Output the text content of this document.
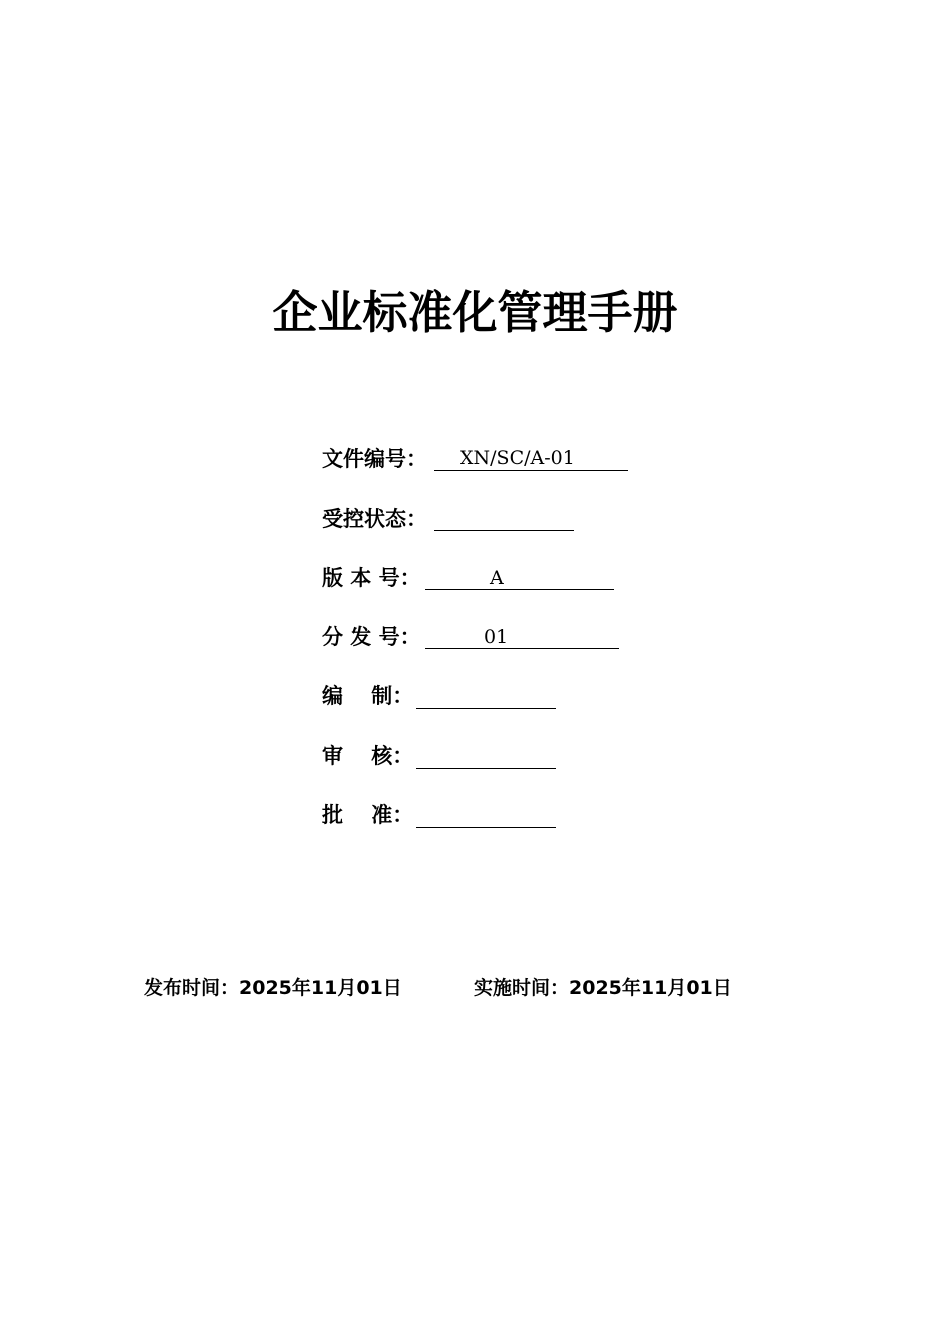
企业标准化管理手册
文件编号：	XN/SC/A-01
受控状态：
版 本 号：	A
分 发 号：	01
编　 制：
审　 核：
批　 准：
发布时间：2025年11月01日	实施时间：2025年11月01日
